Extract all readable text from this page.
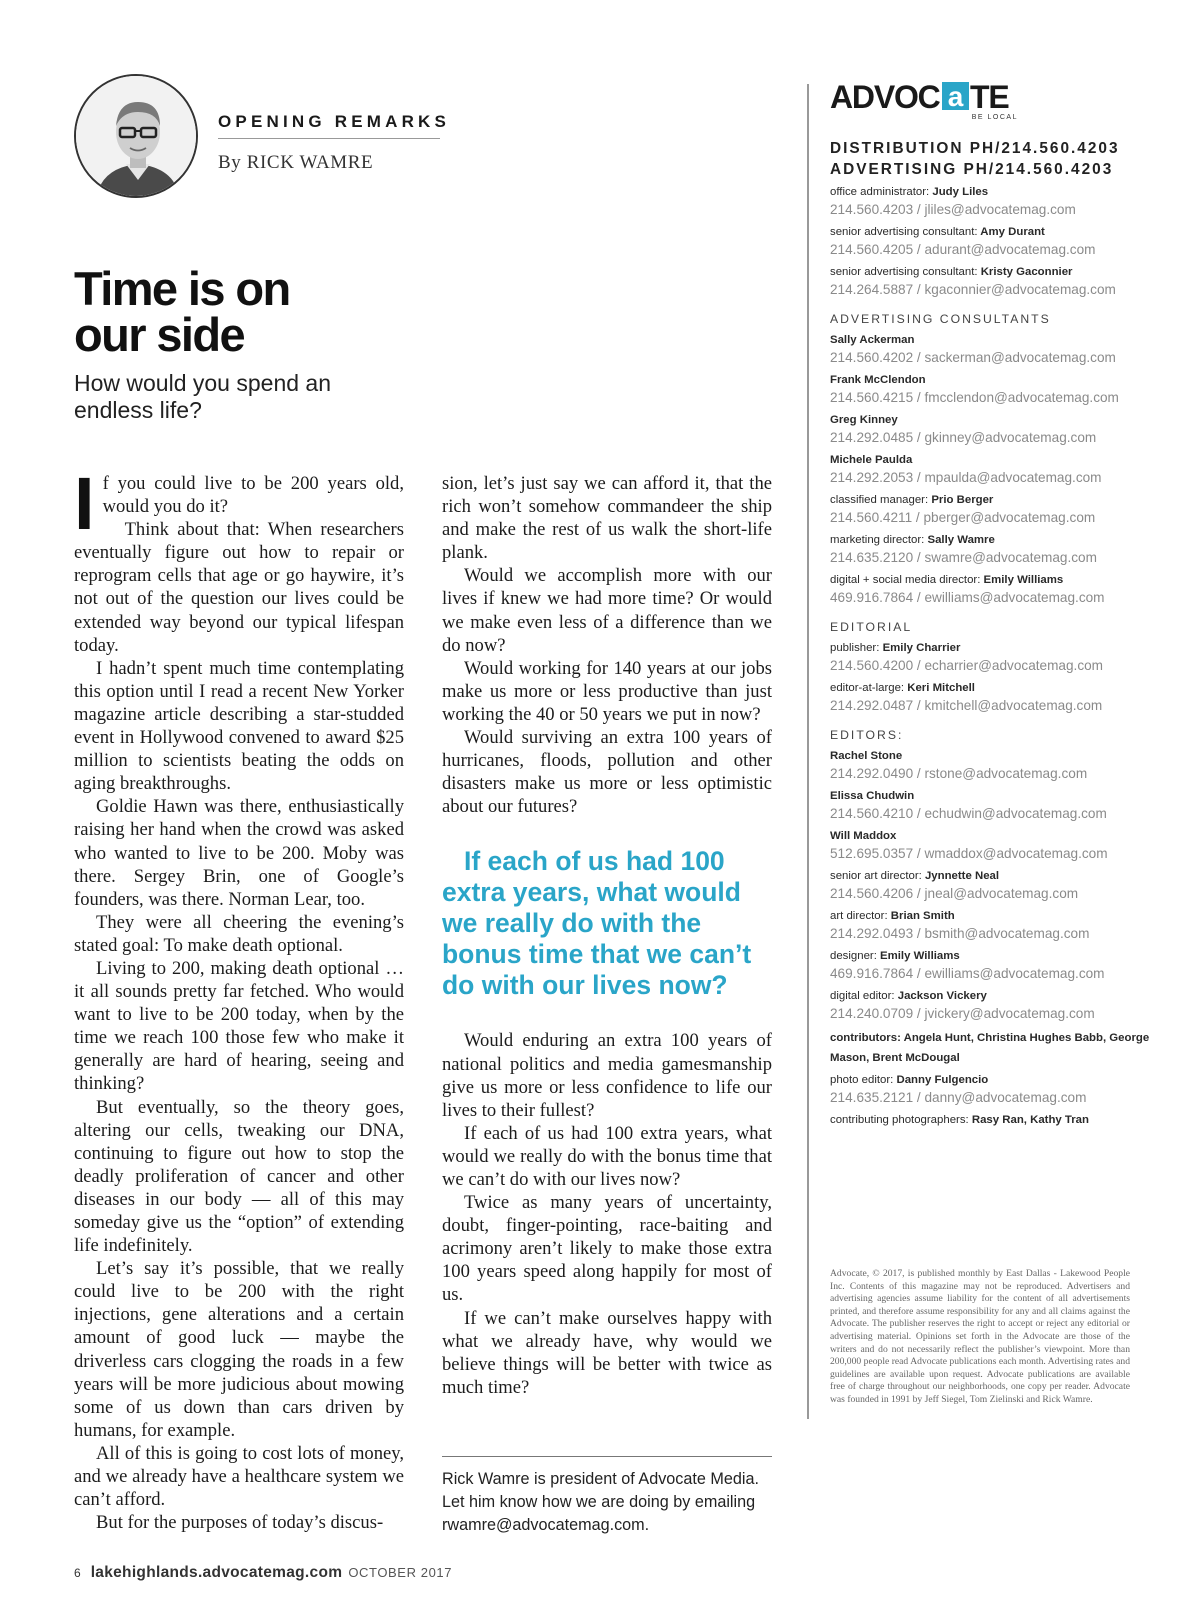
OPENING REMARKS
By RICK WAMRE
Time is on
our side
How would you spend an endless life?

If you could live to be 200 years old, would you do it?

Think about that: When researchers eventually figure out how to repair or reprogram cells that age or go haywire, it’s not out of the question our lives could be extended way beyond our typical lifespan today.

I hadn’t spent much time contemplating this option until I read a recent New Yorker magazine article describing a star-studded event in Hollywood convened to award $25 million to scientists beating the odds on aging breakthroughs.

Goldie Hawn was there, enthusiastically raising her hand when the crowd was asked who wanted to live to be 200. Moby was there. Sergey Brin, one of Google’s founders, was there. Norman Lear, too.

They were all cheering the evening’s stated goal: To make death optional.

Living to 200, making death optional … it all sounds pretty far fetched. Who would want to live to be 200 today, when by the time we reach 100 those few who make it generally are hard of hearing, seeing and thinking?

But eventually, so the theory goes, altering our cells, tweaking our DNA, continuing to figure out how to stop the deadly proliferation of cancer and other diseases in our body — all of this may someday give us the “option” of extending life indefinitely.

Let’s say it’s possible, that we really could live to be 200 with the right injections, gene alterations and a certain amount of good luck — maybe the driverless cars clogging the roads in a few years will be more judicious about mowing some of us down than cars driven by humans, for example.

All of this is going to cost lots of money, and we already have a healthcare system we can’t afford.

But for the purposes of today’s discus-

sion, let’s just say we can afford it, that the rich won’t somehow commandeer the ship and make the rest of us walk the short-life plank.

Would we accomplish more with our lives if knew we had more time? Or would we make even less of a difference than we do now?

Would working for 140 years at our jobs make us more or less productive than just working the 40 or 50 years we put in now?

Would surviving an extra 100 years of hurricanes, floods, pollution and other disasters make us more or less optimistic about our futures?

If each of us had 100 extra years, what would we really do with the bonus time that we can’t do with our lives now?

Would enduring an extra 100 years of national politics and media gamesmanship give us more or less confidence to life our lives to their fullest?

If each of us had 100 extra years, what would we really do with the bonus time that we can’t do with our lives now?

Twice as many years of uncertainty, doubt, finger-pointing, race-baiting and acrimony aren’t likely to make those extra 100 years speed along happily for most of us.

If we can’t make ourselves happy with what we already have, why would we believe things will be better with twice as much time?

Rick Wamre is president of Advocate Media.
Let him know how we are doing by emailing
rwamre@advocatemag.com.
6 lakehighlands.advocatemag.com OCTOBER 2017
ADVOC a TE
BE LOCAL
DISTRIBUTION PH/214.560.4203
ADVERTISING PH/214.560.4203
office administrator: Judy Liles
214.560.4203 / jliles@advocatemag.com
senior advertising consultant: Amy Durant
214.560.4205 / adurant@advocatemag.com
senior advertising consultant: Kristy Gaconnier
214.264.5887 / kgaconnier@advocatemag.com
ADVERTISING CONSULTANTS
Sally Ackerman
214.560.4202 / sackerman@advocatemag.com
Frank McClendon
214.560.4215 / fmcclendon@advocatemag.com
Greg Kinney
214.292.0485 / gkinney@advocatemag.com
Michele Paulda
214.292.2053 / mpaulda@advocatemag.com
classified manager: Prio Berger
214.560.4211 / pberger@advocatemag.com
marketing director: Sally Wamre
214.635.2120 / swamre@advocatemag.com
digital + social media director: Emily Williams
469.916.7864 / ewilliams@advocatemag.com
EDITORIAL
publisher: Emily Charrier
214.560.4200 / echarrier@advocatemag.com
editor-at-large: Keri Mitchell
214.292.0487 / kmitchell@advocatemag.com
EDITORS:
Rachel Stone
214.292.0490 / rstone@advocatemag.com
Elissa Chudwin
214.560.4210 / echudwin@advocatemag.com
Will Maddox
512.695.0357 / wmaddox@advocatemag.com
senior art director: Jynnette Neal
214.560.4206 / jneal@advocatemag.com
art director: Brian Smith
214.292.0493 / bsmith@advocatemag.com
designer: Emily Williams
469.916.7864 / ewilliams@advocatemag.com
digital editor: Jackson Vickery
214.240.0709 / jvickery@advocatemag.com
contributors: Angela Hunt, Christina Hughes Babb, George Mason, Brent McDougal
photo editor: Danny Fulgencio
214.635.2121 / danny@advocatemag.com
contributing photographers: Rasy Ran, Kathy Tran
Advocate, © 2017, is published monthly by East Dallas - Lakewood People Inc. Contents of this magazine may not be reproduced. Advertisers and advertising agencies assume liability for the content of all advertisements printed, and therefore assume responsibility for any and all claims against the Advocate. The publisher reserves the right to accept or reject any editorial or advertising material. Opinions set forth in the Advocate are those of the writers and do not necessarily reflect the publisher’s viewpoint. More than 200,000 people read Advocate publications each month. Advertising rates and guidelines are available upon request. Advocate publications are available free of charge throughout our neighborhoods, one copy per reader. Advocate was founded in 1991 by Jeff Siegel, Tom Zielinski and Rick Wamre.
